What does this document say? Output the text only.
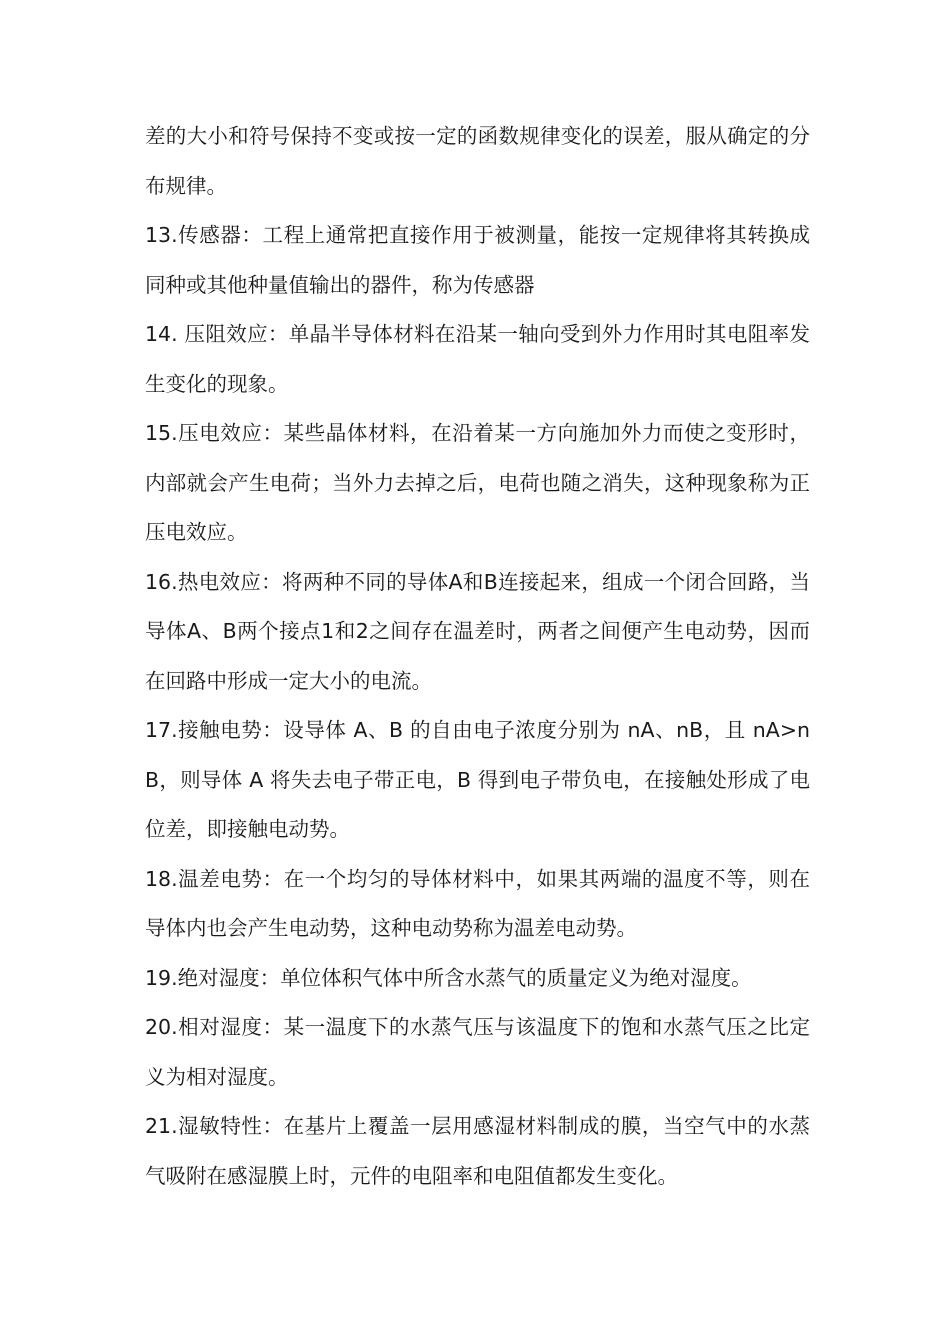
差的大小和符号保持不变或按一定的函数规律变化的误差，服从确定的分布规律。

13.传感器：工程上通常把直接作用于被测量，能按一定规律将其转换成同种或其他种量值输出的器件，称为传感器

14. 压阻效应：单晶半导体材料在沿某一轴向受到外力作用时其电阻率发生变化的现象。

15.压电效应：某些晶体材料，在沿着某一方向施加外力而使之变形时，内部就会产生电荷；当外力去掉之后，电荷也随之消失，这种现象称为正压电效应。

16.热电效应：将两种不同的导体A和B连接起来，组成一个闭合回路，当导体A、B两个接点1和2之间存在温差时，两者之间便产生电动势，因而在回路中形成一定大小的电流。

17.接触电势：设导体 A、B 的自由电子浓度分别为 nA、nB，且 nA>nB，则导体 A 将失去电子带正电，B 得到电子带负电，在接触处形成了电位差，即接触电动势。

18.温差电势：在一个均匀的导体材料中，如果其两端的温度不等，则在导体内也会产生电动势，这种电动势称为温差电动势。

19.绝对湿度：单位体积气体中所含水蒸气的质量定义为绝对湿度。

20.相对湿度：某一温度下的水蒸气压与该温度下的饱和水蒸气压之比定义为相对湿度。

21.湿敏特性：在基片上覆盖一层用感湿材料制成的膜，当空气中的水蒸气吸附在感湿膜上时，元件的电阻率和电阻值都发生变化。
